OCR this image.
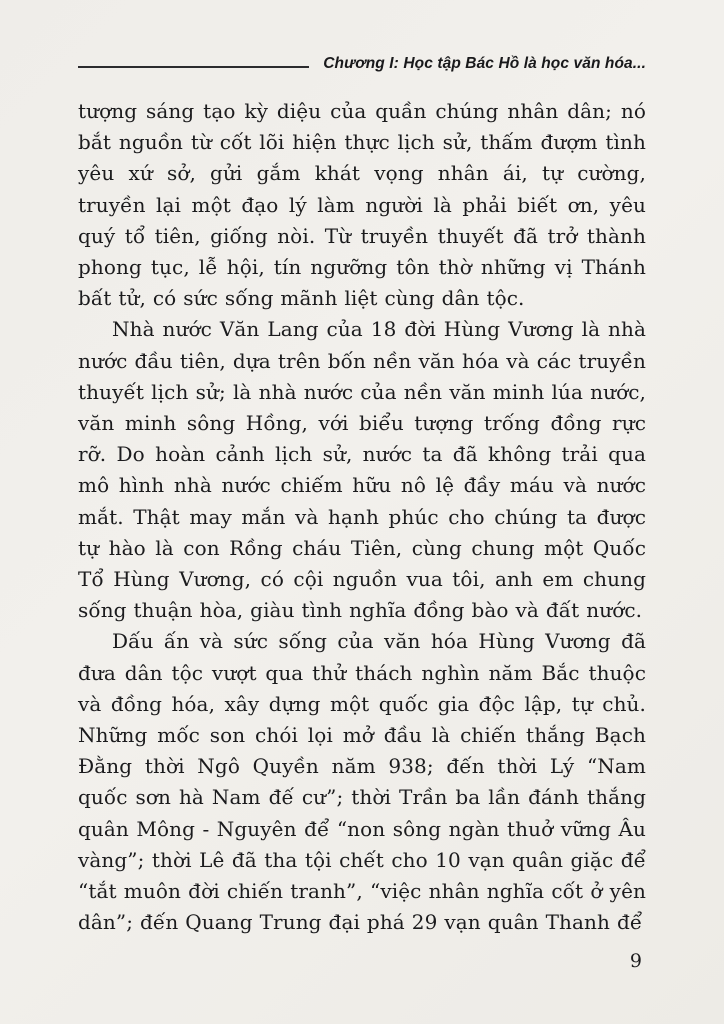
Chương I: Học tập Bác Hồ là học văn hóa...

tượng sáng tạo kỳ diệu của quần chúng nhân dân; nó bắt nguồn từ cốt lõi hiện thực lịch sử, thấm đượm tình yêu xứ sở, gửi gắm khát vọng nhân ái, tự cường, truyền lại một đạo lý làm người là phải biết ơn, yêu quý tổ tiên, giống nòi. Từ truyền thuyết đã trở thành phong tục, lễ hội, tín ngưỡng tôn thờ những vị Thánh bất tử, có sức sống mãnh liệt cùng dân tộc.

Nhà nước Văn Lang của 18 đời Hùng Vương là nhà nước đầu tiên, dựa trên bốn nền văn hóa và các truyền thuyết lịch sử; là nhà nước của nền văn minh lúa nước, văn minh sông Hồng, với biểu tượng trống đồng rực rỡ. Do hoàn cảnh lịch sử, nước ta đã không trải qua mô hình nhà nước chiếm hữu nô lệ đầy máu và nước mắt. Thật may mắn và hạnh phúc cho chúng ta được tự hào là con Rồng cháu Tiên, cùng chung một Quốc Tổ Hùng Vương, có cội nguồn vua tôi, anh em chung sống thuận hòa, giàu tình nghĩa đồng bào và đất nước.

Dấu ấn và sức sống của văn hóa Hùng Vương đã đưa dân tộc vượt qua thử thách nghìn năm Bắc thuộc và đồng hóa, xây dựng một quốc gia độc lập, tự chủ. Những mốc son chói lọi mở đầu là chiến thắng Bạch Đằng thời Ngô Quyền năm 938; đến thời Lý “Nam quốc sơn hà Nam đế cư”; thời Trần ba lần đánh thắng quân Mông - Nguyên để “non sông ngàn thuở vững Âu vàng”; thời Lê đã tha tội chết cho 10 vạn quân giặc để “tắt muôn đời chiến tranh”, “việc nhân nghĩa cốt ở yên dân”; đến Quang Trung đại phá 29 vạn quân Thanh để

9
